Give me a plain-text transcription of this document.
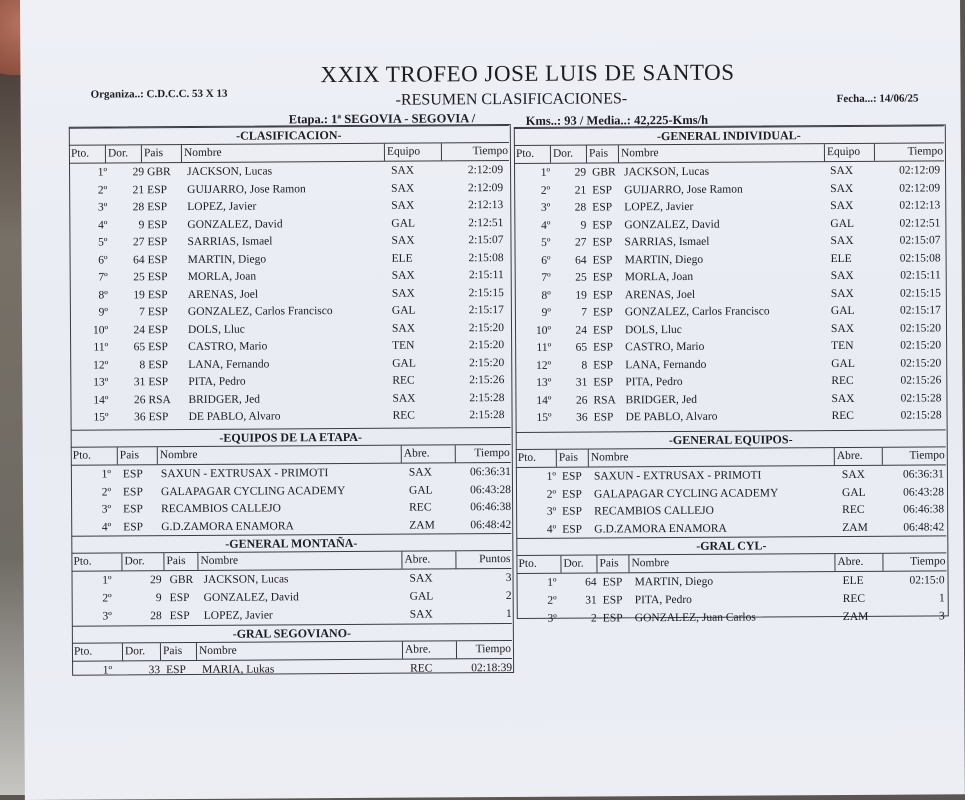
XXIX TROFEO JOSE LUIS DE SANTOS
-RESUMEN CLASIFICACIONES-
Organiza..: C.D.C.C. 53 X 13	Fecha...: 14/06/25
Etapa.: 1ª SEGOVIA - SEGOVIA /	Kms..: 93 / Media..: 42,225-Kms/h
-CLASIFICACION-
Pto.	Dor.	Pais	Nombre	Equipo	Tiempo
1º	29 GBR	JACKSON, Lucas	SAX	2:12:09
2º	21 ESP	GUIJARRO, Jose Ramon	SAX	2:12:09
3º	28 ESP	LOPEZ, Javier	SAX	2:12:13
4º	9 ESP	GONZALEZ, David	GAL	2:12:51
5º	27 ESP	SARRIAS, Ismael	SAX	2:15:07
6º	64 ESP	MARTIN, Diego	ELE	2:15:08
7º	25 ESP	MORLA, Joan	SAX	2:15:11
8º	19 ESP	ARENAS, Joel	SAX	2:15:15
9º	7 ESP	GONZALEZ, Carlos Francisco	GAL	2:15:17
10º	24 ESP	DOLS, Lluc	SAX	2:15:20
11º	65 ESP	CASTRO, Mario	TEN	2:15:20
12º	8 ESP	LANA, Fernando	GAL	2:15:20
13º	31 ESP	PITA, Pedro	REC	2:15:26
14º	26 RSA	BRIDGER, Jed	SAX	2:15:28
15º	36 ESP	DE PABLO, Alvaro	REC	2:15:28
-GENERAL INDIVIDUAL-
Pto.	Dor.	Pais	Nombre	Equipo	Tiempo
1º	29 GBR JACKSON, Lucas	SAX	02:12:09
2º	21 ESP	GUIJARRO, Jose Ramon	SAX	02:12:09
3º	28 ESP	LOPEZ, Javier	SAX	02:12:13
4º	9 ESP	GONZALEZ, David	GAL	02:12:51
5º	27 ESP	SARRIAS, Ismael	SAX	02:15:07
6º	64 ESP	MARTIN, Diego	ELE	02:15:08
7º	25 ESP	MORLA, Joan	SAX	02:15:11
8º	19 ESP	ARENAS, Joel	SAX	02:15:15
9º	7 ESP	GONZALEZ, Carlos Francisco	GAL	02:15:17
10º	24 ESP	DOLS, Lluc	SAX	02:15:20
11º	65 ESP	CASTRO, Mario	TEN	02:15:20
12º	8 ESP	LANA, Fernando	GAL	02:15:20
13º	31 ESP	PITA, Pedro	REC	02:15:26
14º	26 RSA BRIDGER, Jed	SAX	02:15:28
15º	36 ESP	DE PABLO, Alvaro	REC	02:15:28
-EQUIPOS DE LA ETAPA-
Pto.	Pais	Nombre	Abre.	Tiempo
1º ESP	SAXUN - EXTRUSAX - PRIMOTI	SAX	06:36:31
2º ESP	GALAPAGAR CYCLING ACADEMY	GAL	06:43:28
3º ESP	RECAMBIOS CALLEJO	REC	06:46:38
4º ESP	G.D.ZAMORA ENAMORA	ZAM	06:48:42
-GENERAL EQUIPOS-
Pto.	Pais	Nombre	Abre.	Tiempo
1º ESP	SAXUN - EXTRUSAX - PRIMOTI	SAX	06:36:31
2º ESP	GALAPAGAR CYCLING ACADEMY	GAL	06:43:28
3º ESP	RECAMBIOS CALLEJO	REC	06:46:38
4º ESP	G.D.ZAMORA ENAMORA	ZAM	06:48:42
-GENERAL MONTAÑA-
Pto.	Dor.	Pais	Nombre	Abre.	Puntos
1º	29 GBR JACKSON, Lucas	SAX	3
2º	9 ESP	GONZALEZ, David	GAL	2
3º	28 ESP	LOPEZ, Javier	SAX	1
-GRAL CYL-
Pto.	Dor.	Pais	Nombre	Abre.	Tiempo
1º	64 ESP	MARTIN, Diego	ELE	02:15:0
2º	31 ESP	PITA, Pedro	REC	1
3º	2 ESP	GONZALEZ, Juan Carlos	ZAM	3
-GRAL SEGOVIANO-
Pto.	Dor.	Pais	Nombre	Abre.	Tiempo
1º	33 ESP	MARIA, Lukas	REC	02:18:39
